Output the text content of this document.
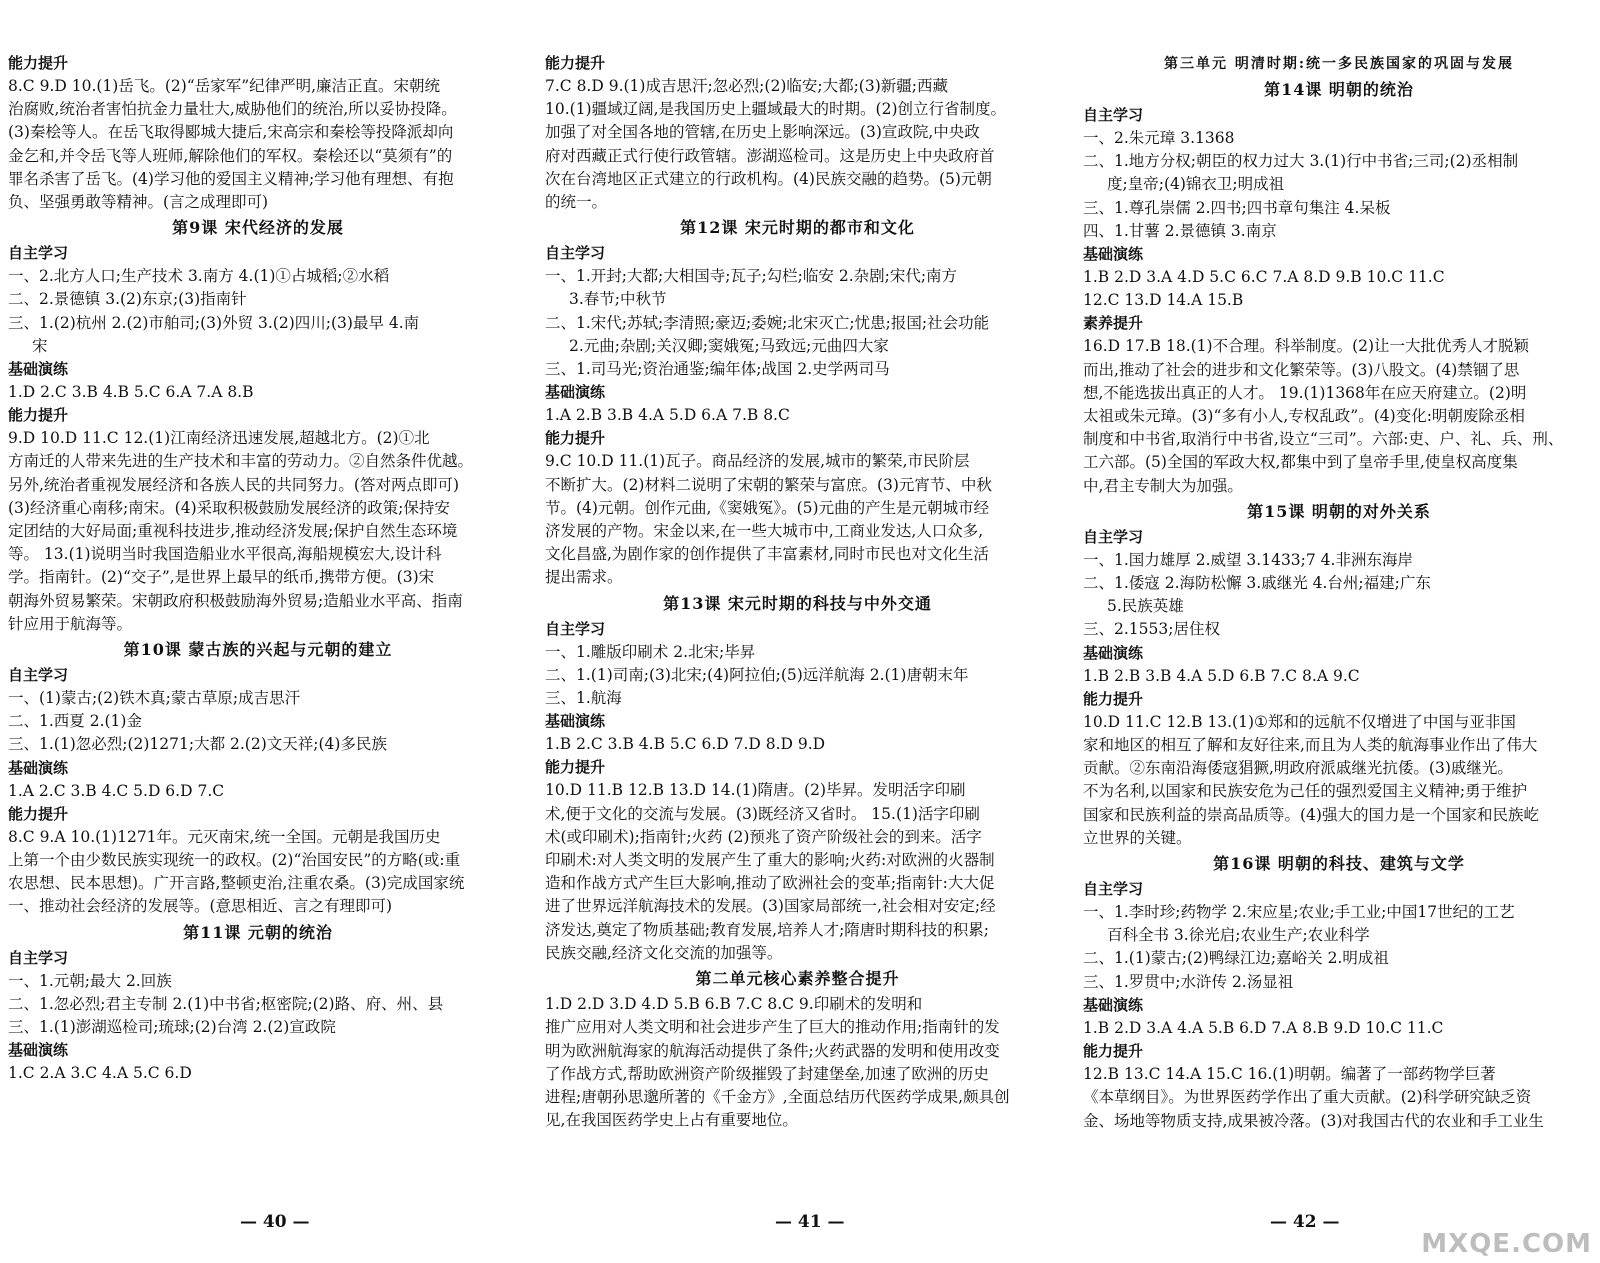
能力提升
8.C 9.D 10.(1)岳飞。(2)“岳家军”纪律严明,廉洁正直。宋朝统
治腐败,统治者害怕抗金力量壮大,威胁他们的统治,所以妥协投降。
(3)秦桧等人。在岳飞取得郾城大捷后,宋高宗和秦桧等投降派却向
金乞和,并令岳飞等人班师,解除他们的军权。秦桧还以“莫须有”的
罪名杀害了岳飞。(4)学习他的爱国主义精神;学习他有理想、有抱
负、坚强勇敢等精神。(言之成理即可)
第9课 宋代经济的发展
自主学习
一、2.北方人口;生产技术 3.南方 4.(1)①占城稻;②水稻
二、2.景德镇 3.(2)东京;(3)指南针
三、1.(2)杭州 2.(2)市舶司;(3)外贸 3.(2)四川;(3)最早 4.南
宋
基础演练
1.D 2.C 3.B 4.B 5.C 6.A 7.A 8.B
能力提升
9.D 10.D 11.C 12.(1)江南经济迅速发展,超越北方。(2)①北
方南迁的人带来先进的生产技术和丰富的劳动力。②自然条件优越。
另外,统治者重视发展经济和各族人民的共同努力。(答对两点即可)
(3)经济重心南移;南宋。(4)采取积极鼓励发展经济的政策;保持安
定团结的大好局面;重视科技进步,推动经济发展;保护自然生态环境
等。 13.(1)说明当时我国造船业水平很高,海船规模宏大,设计科
学。指南针。(2)“交子”,是世界上最早的纸币,携带方便。(3)宋
朝海外贸易繁荣。宋朝政府积极鼓励海外贸易;造船业水平高、指南
针应用于航海等。
第10课 蒙古族的兴起与元朝的建立
自主学习
一、(1)蒙古;(2)铁木真;蒙古草原;成吉思汗
二、1.西夏 2.(1)金
三、1.(1)忽必烈;(2)1271;大都 2.(2)文天祥;(4)多民族
基础演练
1.A 2.C 3.B 4.C 5.D 6.D 7.C
能力提升
8.C 9.A 10.(1)1271年。元灭南宋,统一全国。元朝是我国历史
上第一个由少数民族实现统一的政权。(2)“治国安民”的方略(或:重
农思想、民本思想)。广开言路,整顿吏治,注重农桑。(3)完成国家统
一、推动社会经济的发展等。(意思相近、言之有理即可)
第11课 元朝的统治
自主学习
一、1.元朝;最大 2.回族
二、1.忽必烈;君主专制 2.(1)中书省;枢密院;(2)路、府、州、县
三、1.(1)澎湖巡检司;琉球;(2)台湾 2.(2)宣政院
基础演练
1.C 2.A 3.C 4.A 5.C 6.D
能力提升
7.C 8.D 9.(1)成吉思汗;忽必烈;(2)临安;大都;(3)新疆;西藏
10.(1)疆域辽阔,是我国历史上疆域最大的时期。(2)创立行省制度。
加强了对全国各地的管辖,在历史上影响深远。(3)宣政院,中央政
府对西藏正式行使行政管辖。澎湖巡检司。这是历史上中央政府首
次在台湾地区正式建立的行政机构。(4)民族交融的趋势。(5)元朝
的统一。
第12课 宋元时期的都市和文化
自主学习
一、1.开封;大都;大相国寺;瓦子;勾栏;临安 2.杂剧;宋代;南方
3.春节;中秋节
二、1.宋代;苏轼;李清照;豪迈;委婉;北宋灭亡;忧患;报国;社会功能
2.元曲;杂剧;关汉卿;窦娥冤;马致远;元曲四大家
三、1.司马光;资治通鉴;编年体;战国 2.史学两司马
基础演练
1.A 2.B 3.B 4.A 5.D 6.A 7.B 8.C
能力提升
9.C 10.D 11.(1)瓦子。商品经济的发展,城市的繁荣,市民阶层
不断扩大。(2)材料二说明了宋朝的繁荣与富庶。(3)元宵节、中秋
节。(4)元朝。创作元曲,《窦娥冤》。(5)元曲的产生是元朝城市经
济发展的产物。宋金以来,在一些大城市中,工商业发达,人口众多,
文化昌盛,为剧作家的创作提供了丰富素材,同时市民也对文化生活
提出需求。
第13课 宋元时期的科技与中外交通
自主学习
一、1.雕版印刷术 2.北宋;毕昇
二、1.(1)司南;(3)北宋;(4)阿拉伯;(5)远洋航海 2.(1)唐朝末年
三、1.航海
基础演练
1.B 2.C 3.B 4.B 5.C 6.D 7.D 8.D 9.D
能力提升
10.D 11.B 12.B 13.D 14.(1)隋唐。(2)毕昇。发明活字印刷
术,便于文化的交流与发展。(3)既经济又省时。 15.(1)活字印刷
术(或印刷术);指南针;火药 (2)预兆了资产阶级社会的到来。活字
印刷术:对人类文明的发展产生了重大的影响;火药:对欧洲的火器制
造和作战方式产生巨大影响,推动了欧洲社会的变革;指南针:大大促
进了世界远洋航海技术的发展。(3)国家局部统一,社会相对安定;经
济发达,奠定了物质基础;教育发展,培养人才;隋唐时期科技的积累;
民族交融,经济文化交流的加强等。
第二单元核心素养整合提升
1.D 2.D 3.D 4.D 5.B 6.B 7.C 8.C 9.印刷术的发明和
推广应用对人类文明和社会进步产生了巨大的推动作用;指南针的发
明为欧洲航海家的航海活动提供了条件;火药武器的发明和使用改变
了作战方式,帮助欧洲资产阶级摧毁了封建堡垒,加速了欧洲的历史
进程;唐朝孙思邈所著的《千金方》,全面总结历代医药学成果,颇具创
见,在我国医药学史上占有重要地位。
第三单元 明清时期:统一多民族国家的巩固与发展
第14课 明朝的统治
自主学习
一、2.朱元璋 3.1368
二、1.地方分权;朝臣的权力过大 3.(1)行中书省;三司;(2)丞相制
度;皇帝;(4)锦衣卫;明成祖
三、1.尊孔崇儒 2.四书;四书章句集注 4.呆板
四、1.甘薯 2.景德镇 3.南京
基础演练
1.B 2.D 3.A 4.D 5.C 6.C 7.A 8.D 9.B 10.C 11.C
12.C 13.D 14.A 15.B
素养提升
16.D 17.B 18.(1)不合理。科举制度。(2)让一大批优秀人才脱颖
而出,推动了社会的进步和文化繁荣等。(3)八股文。(4)禁锢了思
想,不能选拔出真正的人才。 19.(1)1368年在应天府建立。(2)明
太祖或朱元璋。(3)“多有小人,专权乱政”。(4)变化:明朝废除丞相
制度和中书省,取消行中书省,设立“三司”。六部:吏、户、礼、兵、刑、
工六部。(5)全国的军政大权,都集中到了皇帝手里,使皇权高度集
中,君主专制大为加强。
第15课 明朝的对外关系
自主学习
一、1.国力雄厚 2.威望 3.1433;7 4.非洲东海岸
二、1.倭寇 2.海防松懈 3.戚继光 4.台州;福建;广东
5.民族英雄
三、2.1553;居住权
基础演练
1.B 2.B 3.B 4.A 5.D 6.B 7.C 8.A 9.C
能力提升
10.D 11.C 12.B 13.(1)①郑和的远航不仅增进了中国与亚非国
家和地区的相互了解和友好往来,而且为人类的航海事业作出了伟大
贡献。②东南沿海倭寇猖獗,明政府派戚继光抗倭。(3)戚继光。
不为名利,以国家和民族安危为己任的强烈爱国主义精神;勇于维护
国家和民族利益的崇高品质等。(4)强大的国力是一个国家和民族屹
立世界的关键。
第16课 明朝的科技、建筑与文学
自主学习
一、1.李时珍;药物学 2.宋应星;农业;手工业;中国17世纪的工艺
百科全书 3.徐光启;农业生产;农业科学
二、1.(1)蒙古;(2)鸭绿江边;嘉峪关 2.明成祖
三、1.罗贯中;水浒传 2.汤显祖
基础演练
1.B 2.D 3.A 4.A 5.B 6.D 7.A 8.B 9.D 10.C 11.C
能力提升
12.B 13.C 14.A 15.C 16.(1)明朝。编著了一部药物学巨著
《本草纲目》。为世界医药学作出了重大贡献。(2)科学研究缺乏资
金、场地等物质支持,成果被冷落。(3)对我国古代的农业和手工业生
— 40 —	— 41 —	— 42 —
MXQE.COM
